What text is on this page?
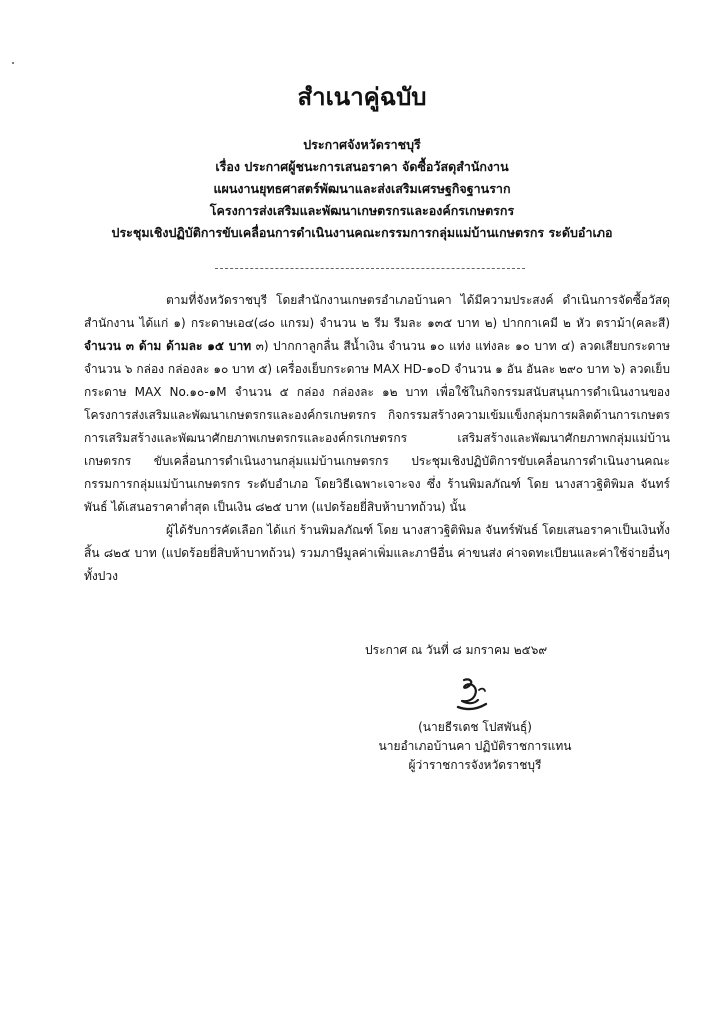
สำเนาคู่ฉบับ
ประกาศจังหวัดราชบุรี
เรื่อง ประกาศผู้ชนะการเสนอราคา จัดซื้อวัสดุสำนักงาน
แผนงานยุทธศาสตร์พัฒนาและส่งเสริมเศรษฐกิจฐานราก
โครงการส่งเสริมและพัฒนาเกษตรกรและองค์กรเกษตรกร
ประชุมเชิงปฏิบัติการขับเคลื่อนการดำเนินงานคณะกรรมการกลุ่มแม่บ้านเกษตรกร ระดับอำเภอ

ตามที่จังหวัดราชบุรี โดยสำนักงานเกษตรอำเภอบ้านคา ได้มีความประสงค์ ดำเนินการจัดซื้อวัสดุสำนักงาน ได้แก่ ๑) กระดาษเอ๔(๘๐ แกรม) จำนวน ๒ รีม รีมละ ๑๓๕ บาท ๒) ปากกาเคมี ๒ หัว ตราม้า(คละสี) จำนวน ๓ ด้าม ด้ามละ ๑๕ บาท ๓) ปากกาลูกลื่น สีน้ำเงิน จำนวน ๑๐ แท่ง แท่งละ ๑๐ บาท ๔) ลวดเสียบกระดาษ จำนวน ๖ กล่อง กล่องละ ๑๐ บาท ๕) เครื่องเย็บกระดาษ MAX HD-๑๐D จำนวน ๑ อัน อันละ ๒๙๐ บาท ๖) ลวดเย็บกระดาษ MAX No.๑๐-๑M จำนวน ๕ กล่อง กล่องละ ๑๒ บาท เพื่อใช้ในกิจกรรมสนับสนุนการดำเนินงานของ โครงการส่งเสริมและพัฒนาเกษตรกรและองค์กรเกษตรกร กิจกรรมสร้างความเข้มแข็งกลุ่มการผลิตด้านการเกษตร การเสริมสร้างและพัฒนาศักยภาพเกษตรกรและองค์กรเกษตรกร เสริมสร้างและพัฒนาศักยภาพกลุ่มแม่บ้านเกษตรกร ขับเคลื่อนการดำเนินงานกลุ่มแม่บ้านเกษตรกร ประชุมเชิงปฏิบัติการขับเคลื่อนการดำเนินงานคณะกรรมการกลุ่มแม่บ้านเกษตรกร ระดับอำเภอ โดยวิธีเฉพาะเจาะจง ซึ่ง ร้านพิมลภัณฑ์ โดย นางสาวฐิติพิมล จันทร์พันธ์ ได้เสนอราคาต่ำสุด เป็นเงิน ๘๒๕ บาท (แปดร้อยยี่สิบห้าบาทถ้วน) นั้น

ผู้ได้รับการคัดเลือก ได้แก่ ร้านพิมลภัณฑ์ โดย นางสาวฐิติพิมล จันทร์พันธ์ โดยเสนอราคาเป็นเงินทั้งสิ้น ๘๒๕ บาท (แปดร้อยยี่สิบห้าบาทถ้วน) รวมภาษีมูลค่าเพิ่มและภาษีอื่น ค่าขนส่ง ค่าจดทะเบียนและค่าใช้จ่ายอื่นๆ ทั้งปวง

ประกาศ ณ วันที่ ๘ มกราคม ๒๕๖๙
(นายธีรเดช โปสพันธุ์)
นายอำเภอบ้านคา ปฏิบัติราชการแทน
ผู้ว่าราชการจังหวัดราชบุรี
